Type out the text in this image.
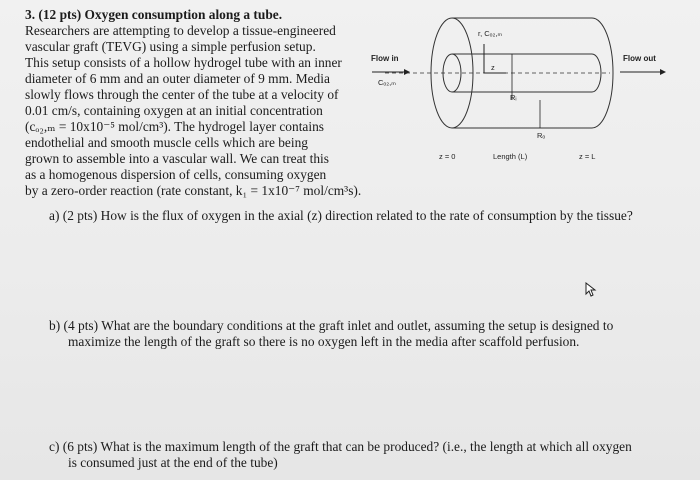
3. (12 pts) Oxygen consumption along a tube.
Researchers are attempting to develop a tissue-engineered
vascular graft (TEVG) using a simple perfusion setup.
This setup consists of a hollow hydrogel tube with an inner
diameter of 6 mm and an outer diameter of 9 mm. Media
slowly flows through the center of the tube at a velocity of
0.01 cm/s, containing oxygen at an initial concentration
(cₒ₂,ₘ = 10x10⁻⁵ mol/cm³). The hydrogel layer contains
endothelial and smooth muscle cells which are being
grown to assemble into a vascular wall. We can treat this
as a homogenous dispersion of cells, consuming oxygen
by a zero-order reaction (rate constant, k₁ = 1x10⁻⁷ mol/cm³s).
Flow in	Flow out
Cₒ₂,ₘ
r, Cₒ₂,ₘ
z
Rᵢ
Rₒ
z = 0	Length (L)	z = L
a) (2 pts) How is the flux of oxygen in the axial (z) direction related to the rate of consumption by the tissue?
b) (4 pts) What are the boundary conditions at the graft inlet and outlet, assuming the setup is designed to
maximize the length of the graft so there is no oxygen left in the media after scaffold perfusion.
c) (6 pts) What is the maximum length of the graft that can be produced? (i.e., the length at which all oxygen
is consumed just at the end of the tube)
